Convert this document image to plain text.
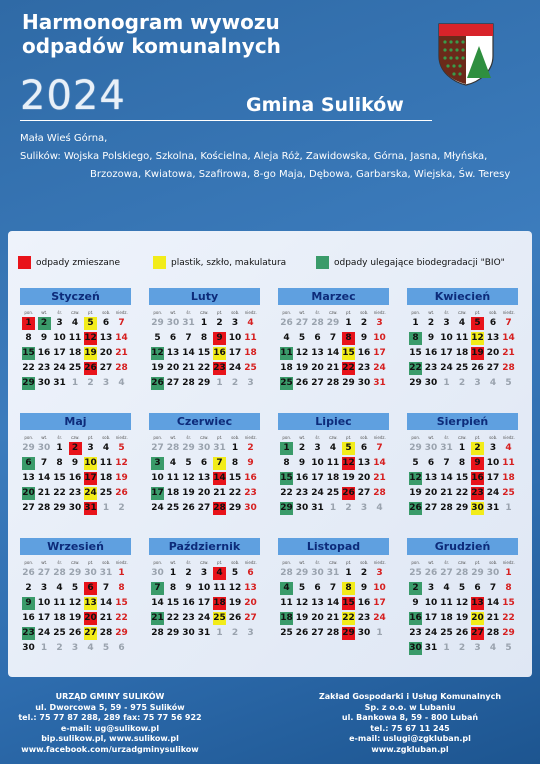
Harmonogram wywozu
odpadów komunalnych
2024	Gmina Sulików
Mała Wieś Górna,
Sulików: Wojska Polskiego, Szkolna, Kościelna, Aleja Róż, Zawidowska, Górna, Jasna, Młyńska,
Brzozowa, Kwiatowa, Szafirowa, 8-go Maja, Dębowa, Garbarska, Wiejska, Św. Teresy
odpady zmieszane	plastik, szkło, makulatura	odpady ulegające biodegradacji "BIO"
Styczeń
pon.	wt.	śr.	czw.	pt.	sob.	niedz.
1	2	3	4	5	6	7
8	9 10 11 12 13 14
15 16 17 18 19 20 21
22 23 24 25 26 27 28
29 30 31 1	2	3	4
Luty
pon.	wt.	śr.	czw.	pt.	sob.	niedz.
29 30 31 1	2	3	4
5	6	7	8	9 10 11
12 13 14 15 16 17 18
19 20 21 22 23 24 25
26 27 28 29 1	2	3
Marzec
pon.	wt.	śr.	czw.	pt.	sob.	niedz.
26 27 28 29 1	2	3
4	5	6	7	8	9 10
11 12 13 14 15 16 17
18 19 20 21 22 23 24
25 26 27 28 29 30 31
Kwiecień
pon.	wt.	śr.	czw.	pt.	sob.	niedz.
1	2	3	4	5	6	7
8	9 10 11 12 13 14
15 16 17 18 19 20 21
22 23 24 25 26 27 28
29 30 1	2	3	4	5
Maj
pon.	wt.	śr.	czw.	pt.	sob.	niedz.
29 30 1	2	3	4	5
6	7	8	9 10 11 12
13 14 15 16 17 18 19
20 21 22 23 24 25 26
27 28 29 30 31 1	2
Czerwiec
pon.	wt.	śr.	czw.	pt.	sob.	niedz.
27 28 29 30 31 1	2
3	4	5	6	7	8	9
10 11 12 13 14 15 16
17 18 19 20 21 22 23
24 25 26 27 28 29 30
Lipiec
pon.	wt.	śr.	czw.	pt.	sob.	niedz.
1	2	3	4	5	6	7
8	9 10 11 12 13 14
15 16 17 18 19 20 21
22 23 24 25 26 27 28
29 30 31 1	2	3	4
Sierpień
pon.	wt.	śr.	czw.	pt.	sob.	niedz.
29 30 31 1	2	3	4
5	6	7	8	9 10 11
12 13 14 15 16 17 18
19 20 21 22 23 24 25
26 27 28 29 30 31 1
Wrzesień
pon.	wt.	śr.	czw.	pt.	sob.	niedz.
26 27 28 29 30 31 1
2	3	4	5	6	7	8
9 10 11 12 13 14 15
16 17 18 19 20 21 22
23 24 25 26 27 28 29
30 1	2	3	4	5	6
Październik
pon.	wt.	śr.	czw.	pt.	sob.	niedz.
30 1	2	3	4	5	6
7	8	9 10 11 12 13
14 15 16 17 18 19 20
21 22 23 24 25 26 27
28 29 30 31 1	2	3
Listopad
pon.	wt.	śr.	czw.	pt.	sob.	niedz.
28 29 30 31 1	2	3
4	5	6	7	8	9 10
11 12 13 14 15 16 17
18 19 20 21 22 23 24
25 26 27 28 29 30 1
Grudzień
pon.	wt.	śr.	czw.	pt.	sob.	niedz.
25 26 27 28 29 30 1
2	3	4	5	6	7	8
9 10 11 12 13 14 15
16 17 18 19 20 21 22
23 24 25 26 27 28 29
30 31 1	2	3	4	5
URZĄD GMINY SULIKÓW
ul. Dworcowa 5, 59 - 975 Sulików
tel.: 75 77 87 288, 289 fax: 75 77 56 922
e-mail: ug@sulikow.pl
bip.sulikow.pl, www.sulikow.pl
www.facebook.com/urzadgminysulikow
Zakład Gospodarki i Usług Komunalnych
Sp. z o.o. w Lubaniu
ul. Bankowa 8, 59 - 800 Lubań
tel.: 75 67 11 245
e-mail: uslugi@zgkluban.pl
www.zgkluban.pl
